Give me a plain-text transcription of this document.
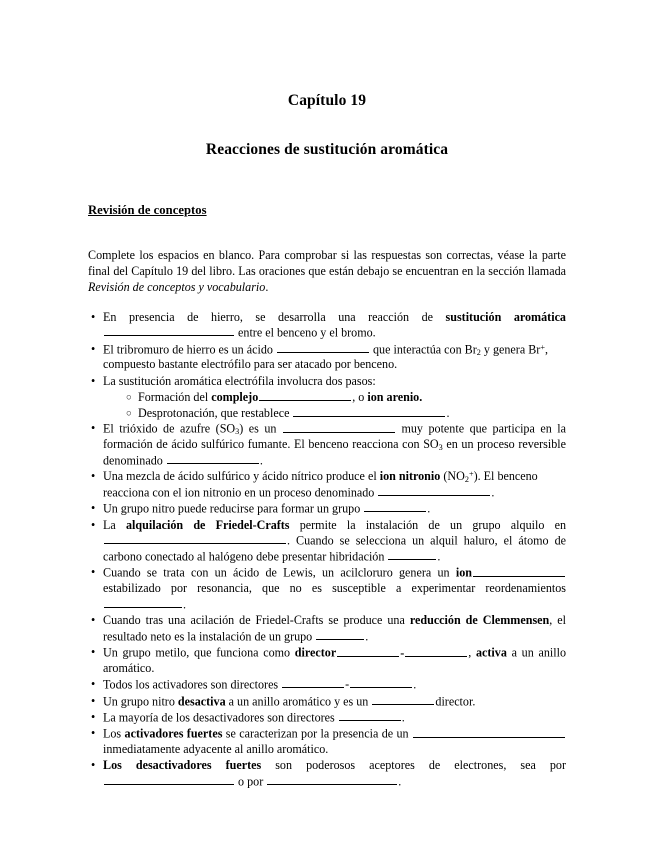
Capítulo 19
Reacciones de sustitución aromática
Revisión de conceptos

Complete los espacios en blanco. Para comprobar si las respuestas son correctas, véase la parte final del Capítulo 19 del libro. Las oraciones que están debajo se encuentran en la sección llamada Revisión de conceptos y vocabulario.

• En presencia de hierro, se desarrolla una reacción de sustitución aromática entre el benceno y el bromo.
• El tribromuro de hierro es un ácido	que interactúa con $Br_2$ y genera Br+, compuesto bastante electrófilo para ser atacado por benceno.
• La sustitución aromática electrófila involucra dos pasos:
○ Formación del complejo	, o ion arenio.
○ Desprotonación, que restablece	.
• El trióxido de azufre $(SO_3)$ es un	muy potente que participa en la formación de ácido sulfúrico fumante. El benceno reacciona con $SO_3$ en un proceso reversible denominado	.
• Una mezcla de ácido sulfúrico y ácido nítrico produce el ion nitronio $(NO_2^+)$. El benceno reacciona con el ion nitronio en un proceso denominado	.
• Un grupo nitro puede reducirse para formar un grupo	.
• La alquilación de Friedel-Crafts permite la instalación de un grupo alquilo en . Cuando se selecciona un alquil haluro, el átomo de carbono conectado al halógeno debe presentar hibridación	.
• Cuando se trata con un ácido de Lewis, un acilcloruro genera un ion estabilizado por resonancia, que no es susceptible a experimentar reordenamientos .
• Cuando tras una acilación de Friedel-Crafts se produce una reducción de Clemmensen, el resultado neto es la instalación de un grupo	.
• Un grupo metilo, que funciona como director	-	, activa a un anillo aromático.
• Todos los activadores son directores	-	.
• Un grupo nitro desactiva a un anillo aromático y es un	director.
• La mayoría de los desactivadores son directores	.
• Los activadores fuertes se caracterizan por la presencia de un  inmediatamente adyacente al anillo aromático.
• Los desactivadores fuertes son poderosos aceptores de electrones, sea por  o por	.
